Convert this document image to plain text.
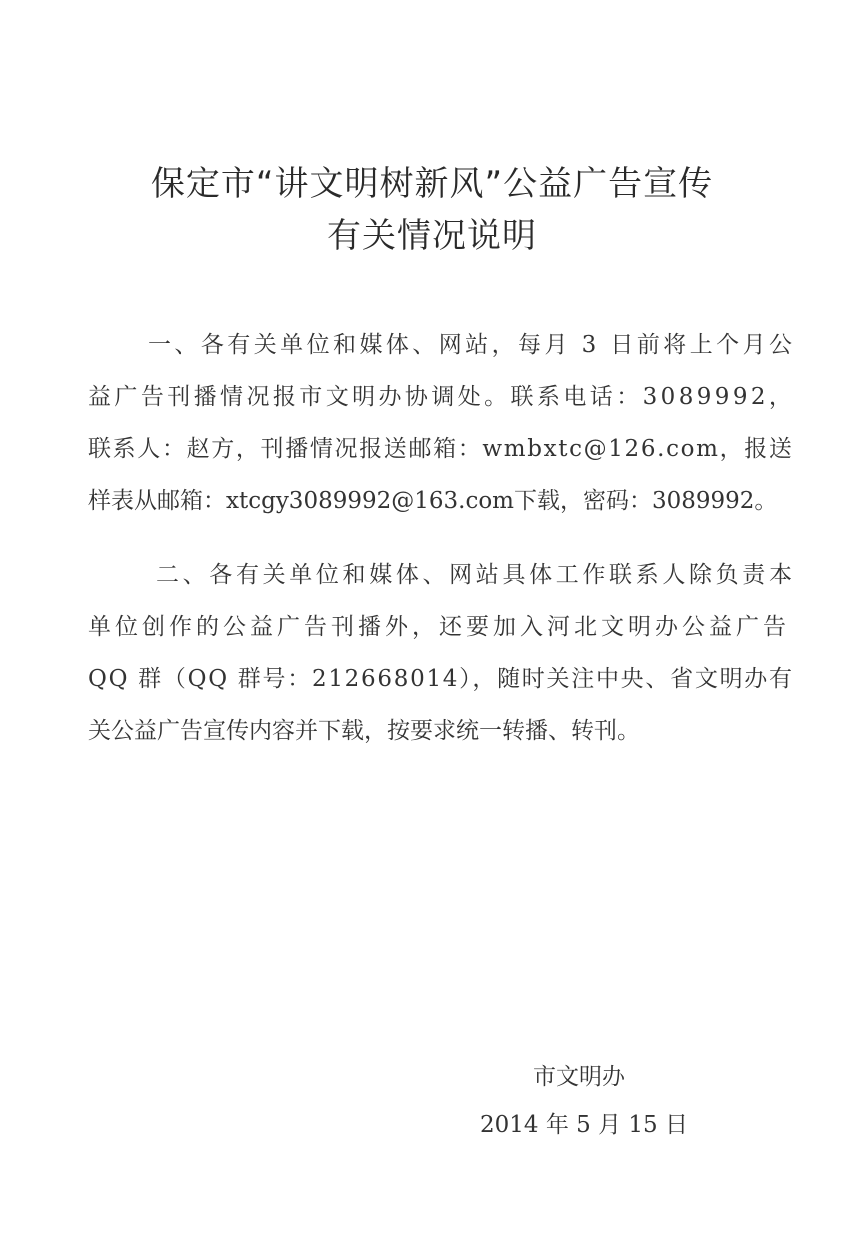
保定市“讲文明树新风”公益广告宣传
有关情况说明
一、各有关单位和媒体、网站，每月 3 日前将上个月公
益广告刊播情况报市文明办协调处。联系电话：3089992，
联系人：赵方，刊播情况报送邮箱：wmbxtc@126.com，报送
样表从邮箱：xtcgy3089992@163.com下载，密码：3089992。
二、各有关单位和媒体、网站具体工作联系人除负责本
单位创作的公益广告刊播外，还要加入河北文明办公益广告
QQ 群（QQ 群号：212668014），随时关注中央、省文明办有
关公益广告宣传内容并下载，按要求统一转播、转刊。
市文明办
2014 年 5 月 15 日
